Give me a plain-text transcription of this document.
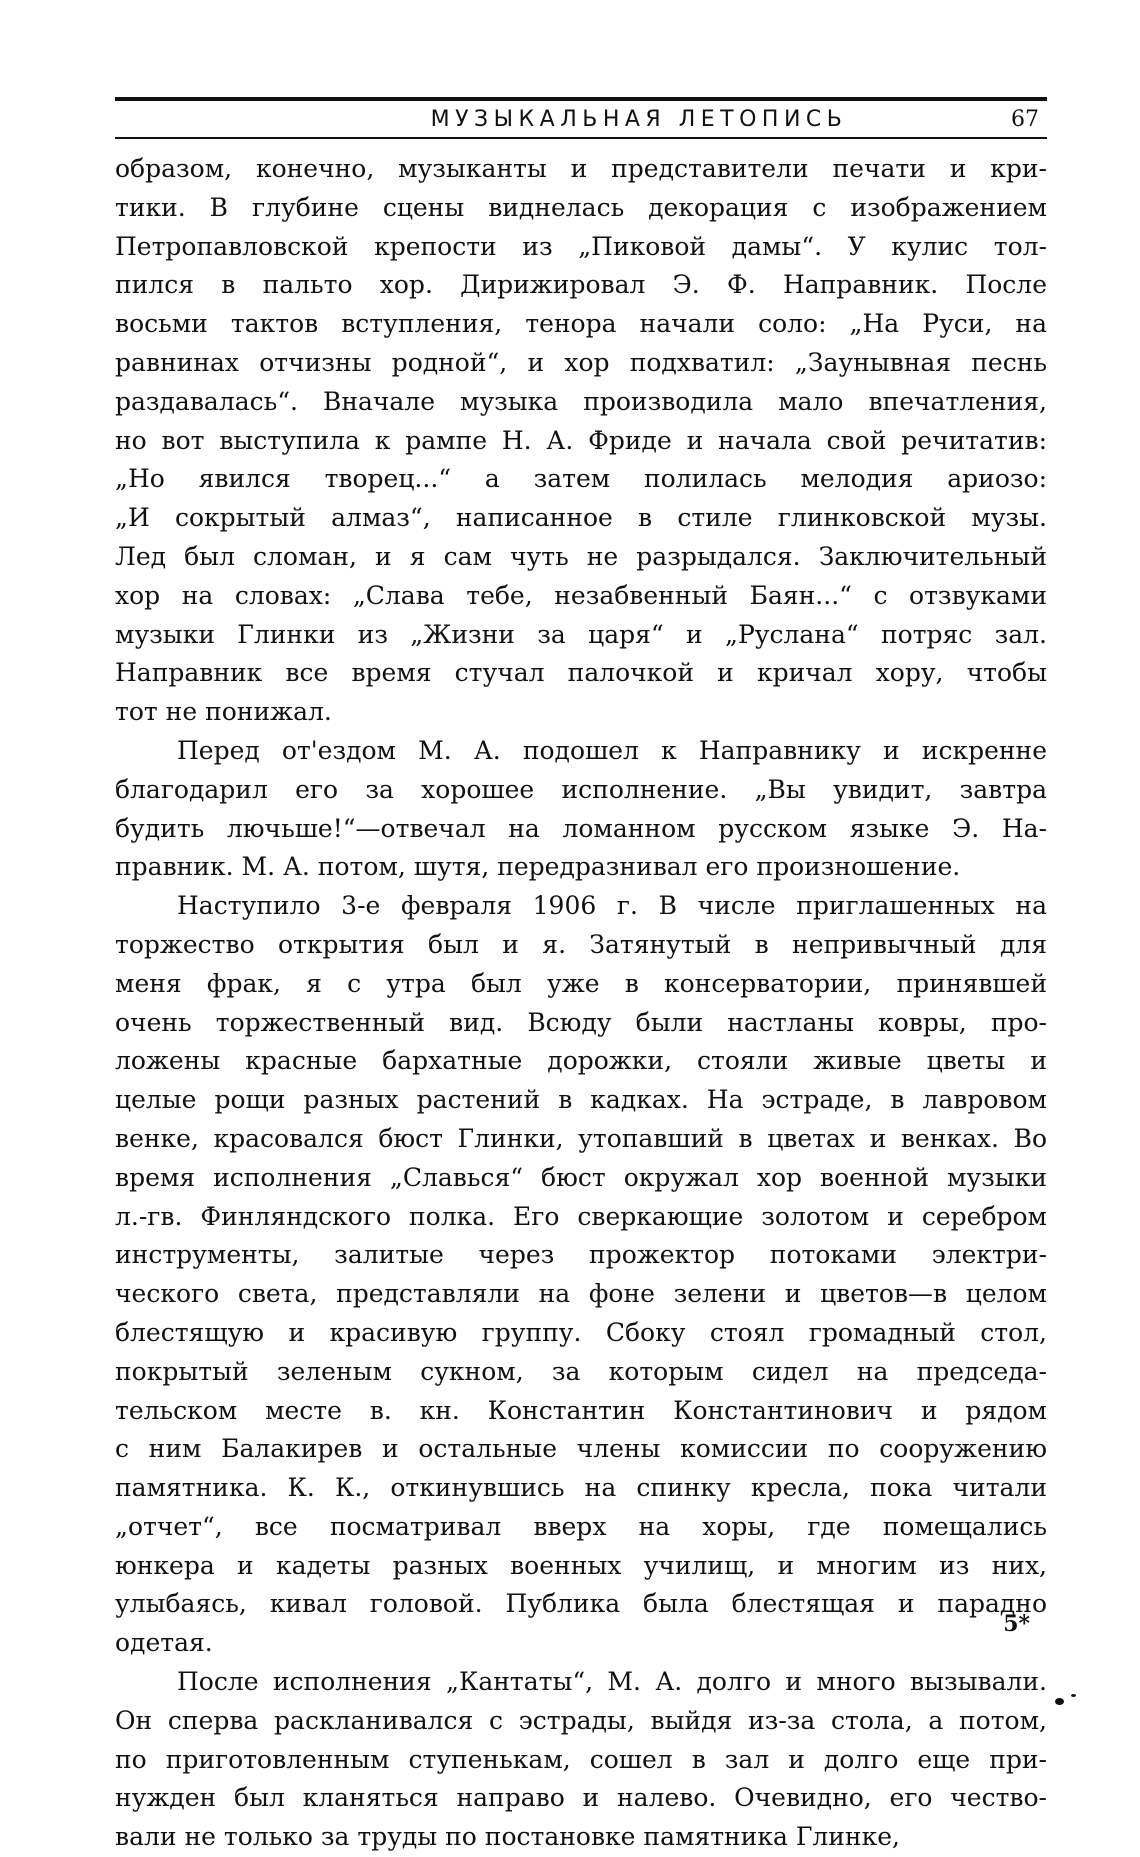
МУЗЫКАЛЬНАЯ ЛЕТОПИСЬ	67
образом, конечно, музыканты и представители печати и кри-
тики. В глубине сцены виднелась декорация с изображением
Петропавловской крепости из „Пиковой дамы“. У кулис тол-
пился в пальто хор. Дирижировал Э. Ф. Направник. После
восьми тактов вступления, тенора начали соло: „На Руси, на
равнинах отчизны родной“, и хор подхватил: „Заунывная песнь
раздавалась“. Вначале музыка производила мало впечатления,
но вот выступила к рампе Н. А. Фриде и начала свой речитатив:
„Но явился творец...“ а затем полилась мелодия ариозо:
„И сокрытый алмаз“, написанное в стиле глинковской музы.
Лед был сломан, и я сам чуть не разрыдался. Заключительный
хор на словах: „Слава тебе, незабвенный Баян...“ с отзвуками
музыки Глинки из „Жизни за царя“ и „Руслана“ потряс зал.
Направник все время стучал палочкой и кричал хору, чтобы
тот не понижал.
Перед от'ездом М. А. подошел к Направнику и искренне
благодарил его за хорошее исполнение. „Вы увидит, завтра
будить лючьше!“—отвечал на ломанном русском языке Э. На-
правник. М. А. потом, шутя, передразнивал его произношение.
Наступило 3-е февраля 1906 г. В числе приглашенных на
торжество открытия был и я. Затянутый в непривычный для
меня фрак, я с утра был уже в консерватории, принявшей
очень торжественный вид. Всюду были настланы ковры, про-
ложены красные бархатные дорожки, стояли живые цветы и
целые рощи разных растений в кадках. На эстраде, в лавровом
венке, красовался бюст Глинки, утопавший в цветах и венках. Во
время исполнения „Славься“ бюст окружал хор военной музыки
л.-гв. Финляндского полка. Его сверкающие золотом и серебром
инструменты, залитые через прожектор потоками электри-
ческого света, представляли на фоне зелени и цветов—в целом
блестящую и красивую группу. Сбоку стоял громадный стол,
покрытый зеленым сукном, за которым сидел на председа-
тельском месте в. кн. Константин Константинович и рядом
с ним Балакирев и остальные члены комиссии по сооружению
памятника. К. К., откинувшись на спинку кресла, пока читали
„отчет“, все посматривал вверх на хоры, где помещались
юнкера и кадеты разных военных училищ, и многим из них,
улыбаясь, кивал головой. Публика была блестящая и парадно
одетая.
После исполнения „Кантаты“, М. А. долго и много вызывали.
Он сперва раскланивался с эстрады, выйдя из-за стола, а потом,
по приготовленным ступенькам, сошел в зал и долго еще при-
нужден был кланяться направо и налево. Очевидно, его чество-
вали не только за труды по постановке памятника Глинке,
5*
